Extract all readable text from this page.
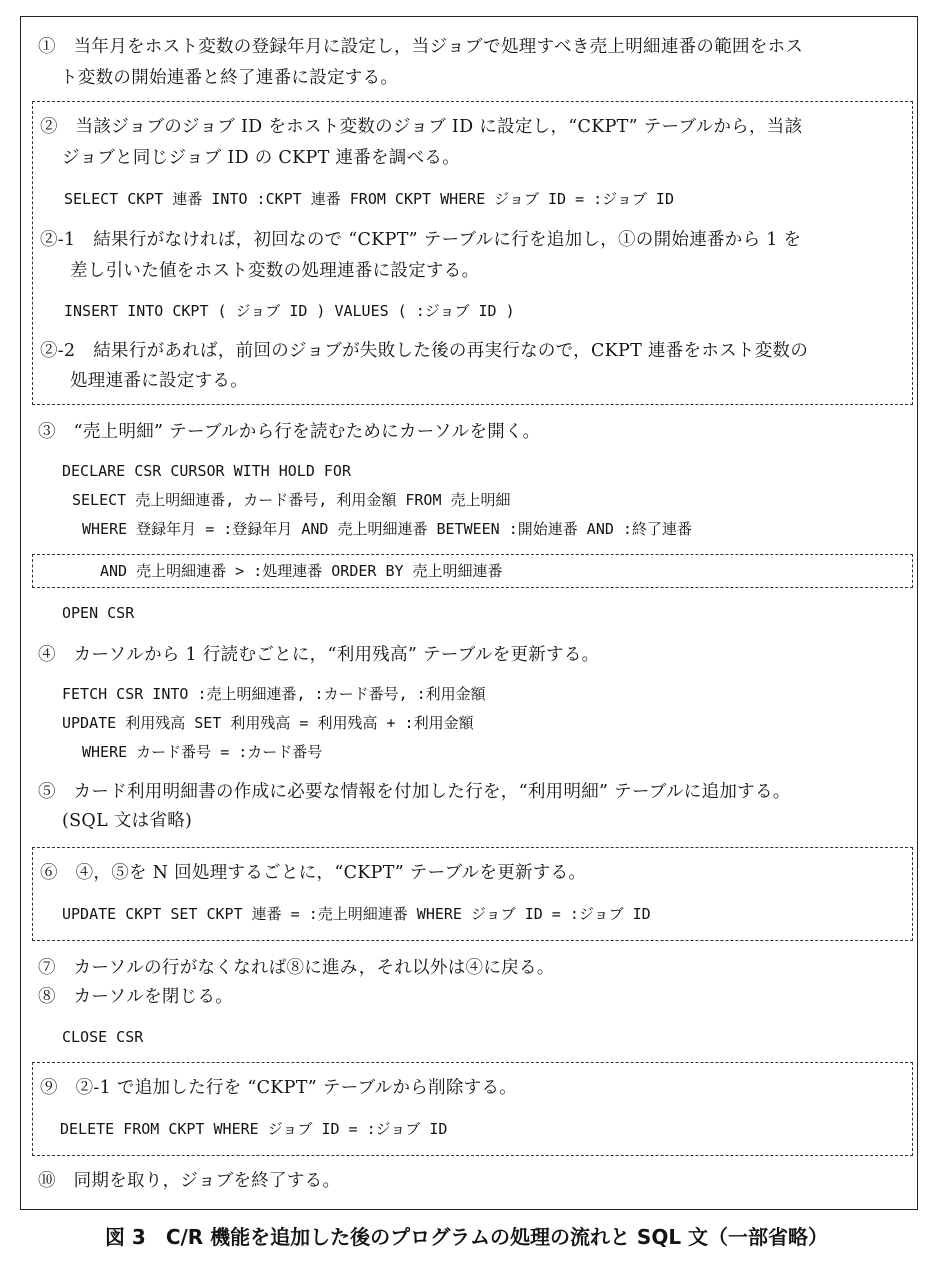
①　当年月をホスト変数の登録年月に設定し，当ジョブで処理すべき売上明細連番の範囲をホス
ト変数の開始連番と終了連番に設定する。
②　当該ジョブのジョブ ID をホスト変数のジョブ ID に設定し，“CKPT” テーブルから，当該
ジョブと同じジョブ ID の CKPT 連番を調べる。
SELECT CKPT 連番 INTO :CKPT 連番 FROM CKPT WHERE ジョブ ID = :ジョブ ID
②-1　結果行がなければ，初回なので “CKPT” テーブルに行を追加し，①の開始連番から 1 を
差し引いた値をホスト変数の処理連番に設定する。
INSERT INTO CKPT ( ジョブ ID ) VALUES ( :ジョブ ID )
②-2　結果行があれば，前回のジョブが失敗した後の再実行なので，CKPT 連番をホスト変数の
処理連番に設定する。
③　“売上明細” テーブルから行を読むためにカーソルを開く。
DECLARE CSR CURSOR WITH HOLD FOR
SELECT 売上明細連番, カード番号, 利用金額 FROM 売上明細
WHERE 登録年月 = :登録年月 AND 売上明細連番 BETWEEN :開始連番 AND :終了連番
AND 売上明細連番 > :処理連番 ORDER BY 売上明細連番
OPEN CSR
④　カーソルから 1 行読むごとに，“利用残高” テーブルを更新する。
FETCH CSR INTO :売上明細連番, :カード番号, :利用金額
UPDATE 利用残高 SET 利用残高 = 利用残高 + :利用金額
WHERE カード番号 = :カード番号
⑤　カード利用明細書の作成に必要な情報を付加した行を，“利用明細” テーブルに追加する。
(SQL 文は省略)
⑥　④，⑤を N 回処理するごとに，“CKPT” テーブルを更新する。
UPDATE CKPT SET CKPT 連番 = :売上明細連番 WHERE ジョブ ID = :ジョブ ID
⑦　カーソルの行がなくなれば⑧に進み，それ以外は④に戻る。
⑧　カーソルを閉じる。
CLOSE CSR
⑨　②-1 で追加した行を “CKPT” テーブルから削除する。
DELETE FROM CKPT WHERE ジョブ ID = :ジョブ ID
⑩　同期を取り，ジョブを終了する。
図 3　C/R 機能を追加した後のプログラムの処理の流れと SQL 文（一部省略）
